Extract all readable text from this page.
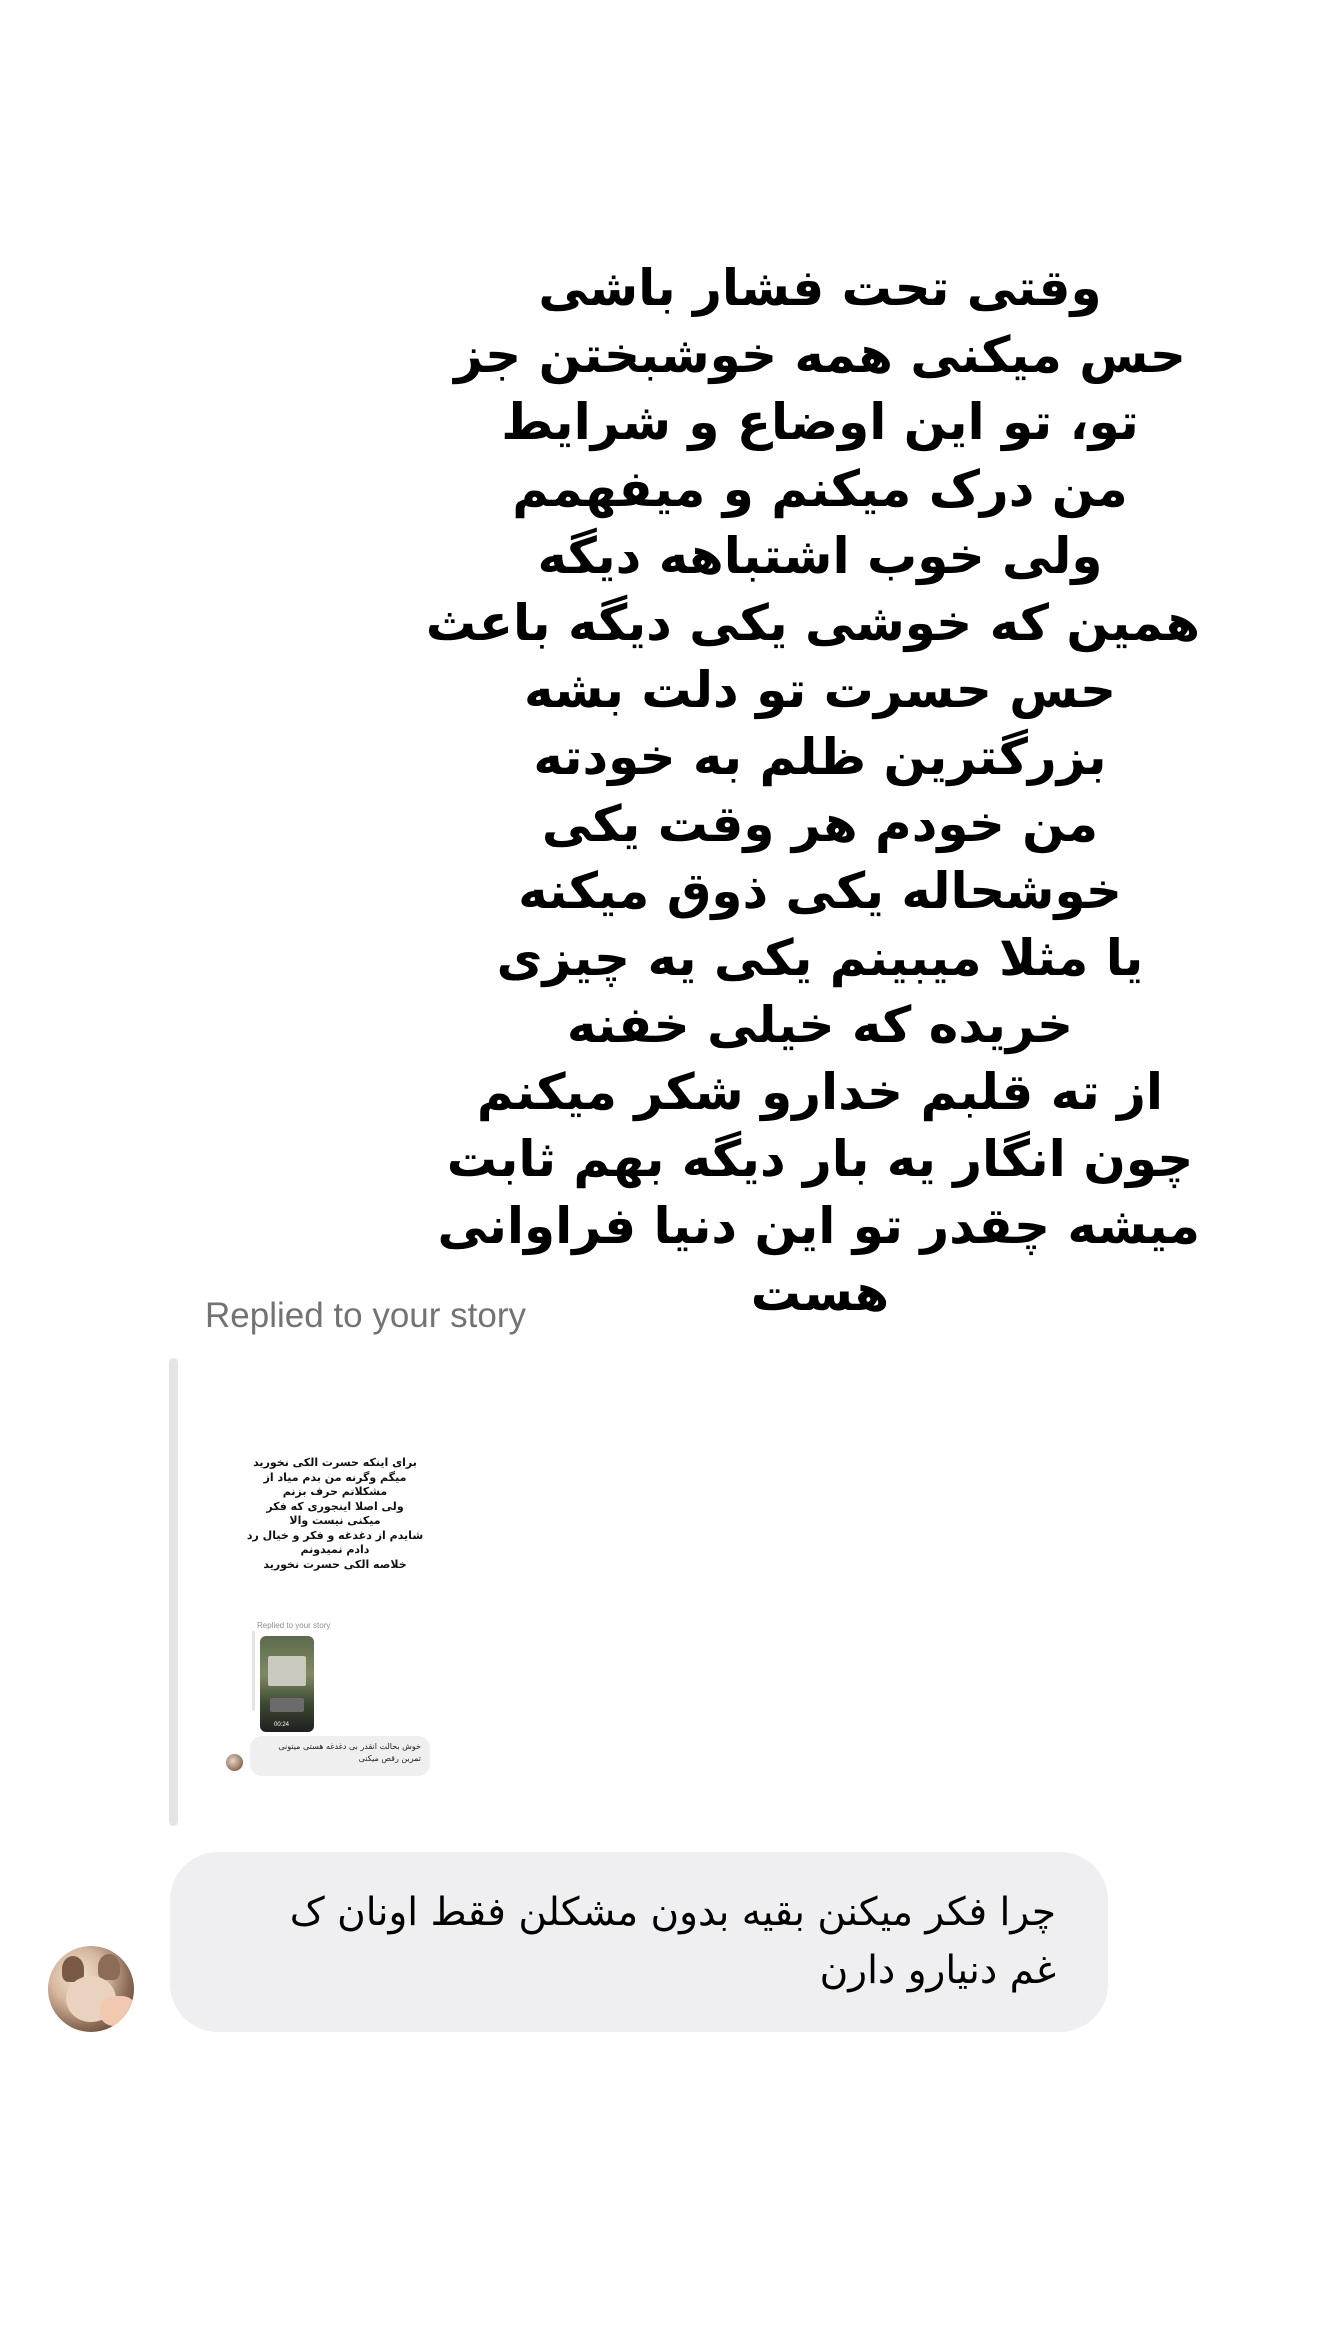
وقتی تحت فشار باشی
حس میکنی همه خوشبختن جز
تو، تو این اوضاع و شرایط
من درک میکنم و میفهمم
ولی خوب اشتباهه دیگه
همین که خوشی یکی دیگه باعث
حس حسرت تو دلت بشه
بزرگترین ظلم به خودته
من خودم هر وقت یکی
خوشحاله یکی ذوق میکنه
یا مثلا میبینم یکی یه چیزی
خریده که خیلی خفنه
از ته قلبم خدارو شکر میکنم
چون انگار یه بار دیگه بهم ثابت
میشه چقدر تو این دنیا فراوانی
هست
Replied to your story
برای اینکه حسرت الکی نخورید
میگم وگرنه من بدم میاد از
مشکلاتم حرف بزنم
ولی اصلا اینجوری که فکر
میکنی نیست والا
شایدم از دغدغه و فکر و خیال رد
دادم نمیدونم
خلاصه الکی حسرت نخورید
Replied to your story
00:24
خوش بحالت انقدر بی دغدغه هستی میتونی
تمرین رقص میکنی
چرا فکر میکنن بقیه بدون مشکلن فقط اونان ک
غم دنیارو دارن
